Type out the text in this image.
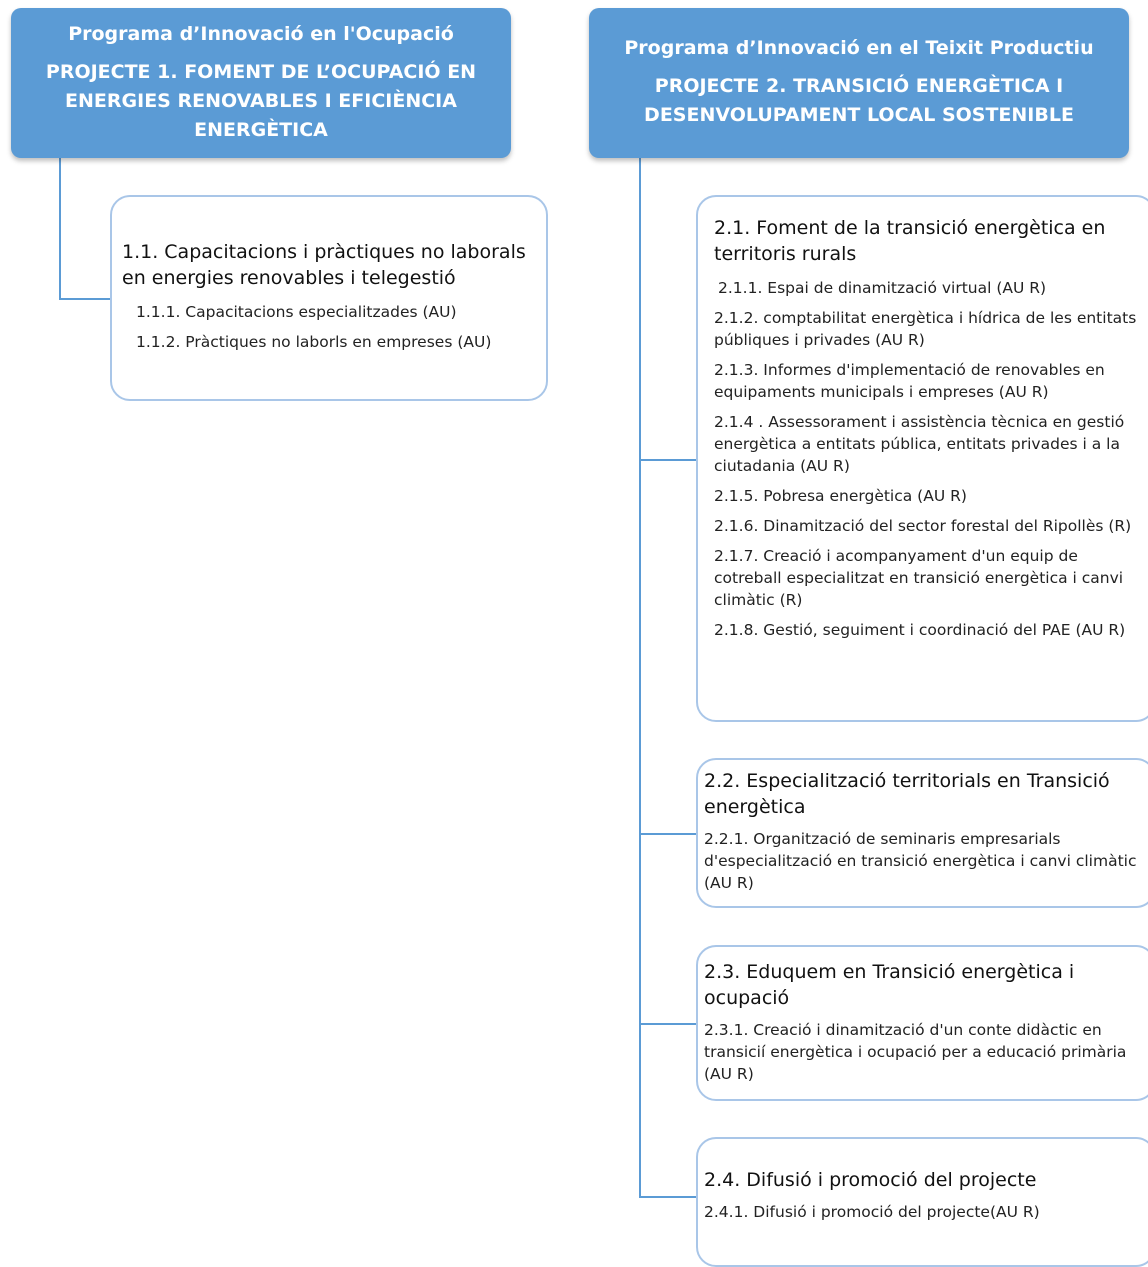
Programa d’Innovació en l'Ocupació
PROJECTE 1. FOMENT DE L’OCUPACIÓ EN ENERGIES RENOVABLES I EFICIÈNCIA ENERGÈTICA
Programa d’Innovació en el Teixit Productiu
PROJECTE 2. TRANSICIÓ ENERGÈTICA I DESENVOLUPAMENT LOCAL SOSTENIBLE
1.1. Capacitacions i pràctiques no laborals en energies renovables i telegestió
1.1.1. Capacitacions especialitzades (AU)
1.1.2. Pràctiques no laborls en empreses (AU)
2.1. Foment de la transició energètica en territoris rurals
2.1.1. Espai de dinamització virtual (AU R)
2.1.2. comptabilitat energètica i hídrica de les entitats públiques i privades (AU R)
2.1.3. Informes d'implementació de renovables en equipaments municipals i empreses (AU R)
2.1.4 . Assessorament i assistència tècnica en gestió energètica a entitats pública, entitats privades i a la ciutadania (AU R)
2.1.5. Pobresa energètica (AU R)
2.1.6. Dinamització del sector forestal del Ripollès (R)
2.1.7. Creació i acompanyament d'un equip de cotreball especialitzat en transició energètica i canvi climàtic (R)
2.1.8. Gestió, seguiment i coordinació del PAE (AU R)
2.2. Especialització territorials en Transició energètica
2.2.1. Organització de seminaris empresarials d'especialització en transició energètica i canvi climàtic (AU R)
2.3. Eduquem en Transició energètica i ocupació
2.3.1. Creació i dinamització d'un conte didàctic en transicií energètica i ocupació per a educació primària (AU R)
2.4. Difusió i promoció del projecte
2.4.1. Difusió i promoció del projecte(AU R)
